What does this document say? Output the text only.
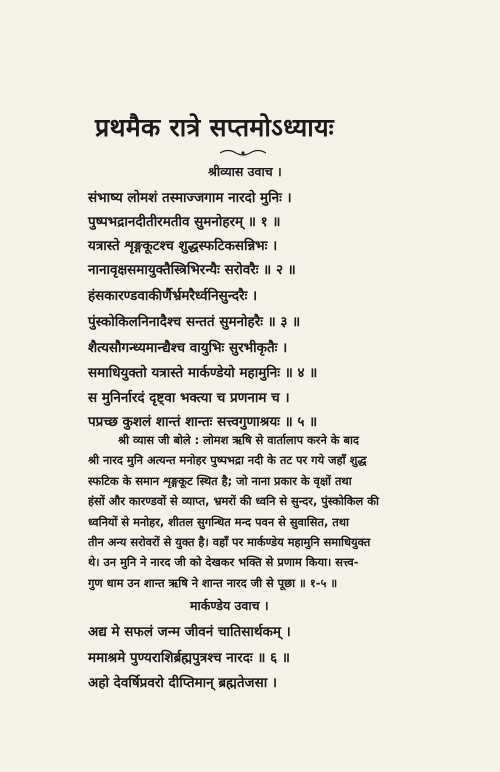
प्रथमैक रात्रे सप्तमोऽध्यायः
श्रीव्यास उवाच ।
संभाष्य लोमशं तस्माज्जगाम नारदो मुनिः ।
पुष्पभद्रानदीतीरमतीव सुमनोहरम् ॥ १ ॥
यत्रास्ते शृङ्गकूटश्च शुद्धस्फटिकसन्निभः ।
नानावृक्षसमायुक्तैस्त्रिभिरन्यैः सरोवरैः ॥ २ ॥
हंसकारण्डवाकीर्णैर्भ्रमरैर्ध्वनिसुन्दरैः ।
पुंस्कोकिलनिनादैश्च सन्ततं सुमनोहरैः ॥ ३ ॥
शैत्यसौगन्ध्यमान्द्यैश्च वायुभिः सुरभीकृतैः ।
समाधियुक्तो यत्रास्ते मार्कण्डेयो महामुनिः ॥ ४ ॥
स मुनिर्नारदं दृष्ट्वा भक्त्या च प्रणनाम च ।
पप्रच्छ कुशलं शान्तं शान्तः सत्त्वगुणाश्रयः ॥ ५ ॥
श्री व्यास जी बोले : लोमश ऋषि से वार्तालाप करने के बाद
श्री नारद मुनि अत्यन्त मनोहर पुष्पभद्रा नदी के तट पर गये जहाँ शुद्ध
स्फटिक के समान शृङ्गकूट स्थित है; जो नाना प्रकार के वृक्षों तथा
हंसों और कारण्डवों से व्याप्त, भ्रमरों की ध्वनि से सुन्दर, पुंस्कोकिल की
ध्वनियों से मनोहर, शीतल सुगन्धित मन्द पवन से सुवासित, तथा
तीन अन्य सरोवरों से युक्त है। वहाँ पर मार्कण्डेय महामुनि समाधियुक्त
थे। उन मुनि ने नारद जी को देखकर भक्ति से प्रणाम किया। सत्त्व-
गुण धाम उन शान्त ऋषि ने शान्त नारद जी से पूछा ॥ १-५ ॥
मार्कण्डेय उवाच ।
अद्य मे सफलं जन्म जीवनं चातिसार्थकम् ।
ममाश्रमे पुण्यराशिर्ब्रह्मपुत्रश्च नारदः ॥ ६ ॥
अहो देवर्षिप्रवरो दीप्तिमान् ब्रह्मतेजसा ।
